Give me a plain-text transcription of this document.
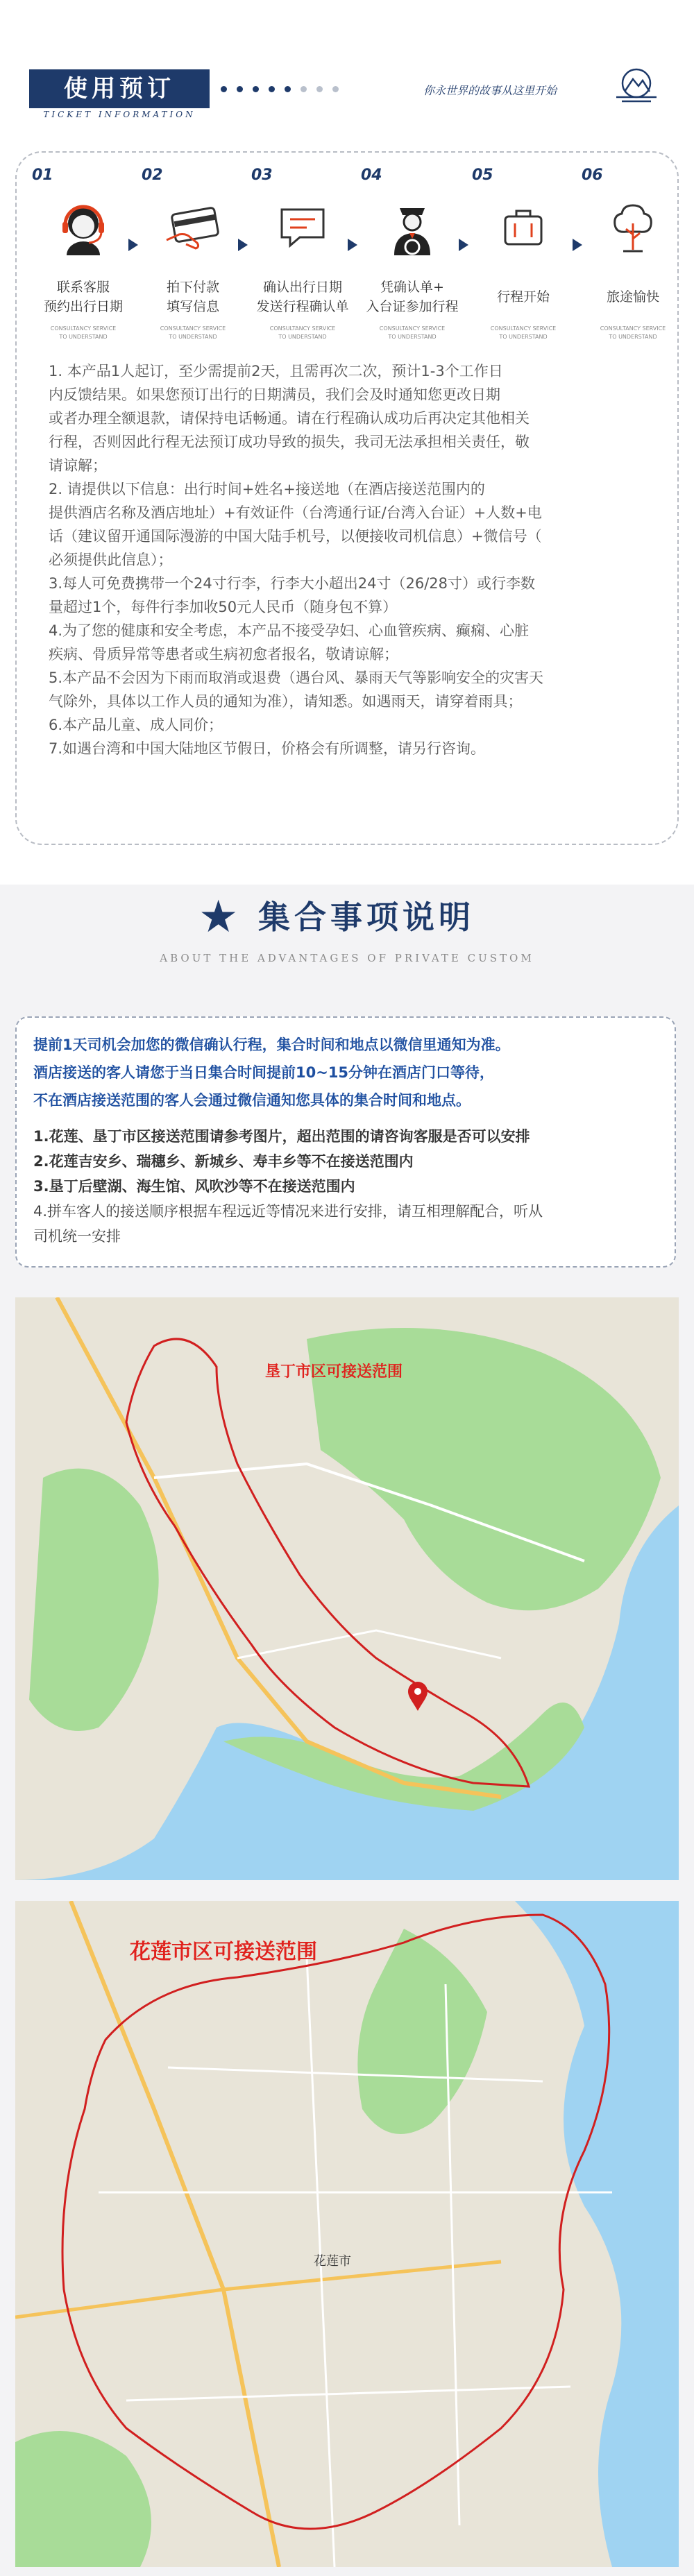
使用预订
TICKET INFORMATION
你永世界的故事从这里开始
01
联系客服
预约出行日期
CONSULTANCY SERVICE
TO UNDERSTAND
02
拍下付款
填写信息
CONSULTANCY SERVICE
TO UNDERSTAND
03
确认出行日期
发送行程确认单
CONSULTANCY SERVICE
TO UNDERSTAND
04
凭确认单+
入台证参加行程
CONSULTANCY SERVICE
TO UNDERSTAND
05
行程开始
CONSULTANCY SERVICE
TO UNDERSTAND
06
旅途愉快
CONSULTANCY SERVICE
TO UNDERSTAND

1. 本产品1人起订，至少需提前2天，且需再次二次，预计1-3个工作日

内反馈结果。如果您预订出行的日期满员，我们会及时通知您更改日期

或者办理全额退款，请保持电话畅通。请在行程确认成功后再决定其他相关

行程，否则因此行程无法预订成功导致的损失，我司无法承担相关责任，敬

请谅解；

2. 请提供以下信息：出行时间+姓名+接送地（在酒店接送范围内的

提供酒店名称及酒店地址）+有效证件（台湾通行证/台湾入台证）+人数+电

话（建议留开通国际漫游的中国大陆手机号，以便接收司机信息）+微信号（

必须提供此信息）；

3.每人可免费携带一个24寸行李，行李大小超出24寸（26/28寸）或行李数

量超过1个，每件行李加收50元人民币（随身包不算）

4.为了您的健康和安全考虑，本产品不接受孕妇、心血管疾病、癫痫、心脏

疾病、骨质异常等患者或生病初愈者报名，敬请谅解；

5.本产品不会因为下雨而取消或退费（遇台风、暴雨天气等影响安全的灾害天

气除外，具体以工作人员的通知为准），请知悉。如遇雨天，请穿着雨具；

6.本产品儿童、成人同价；

7.如遇台湾和中国大陆地区节假日，价格会有所调整，请另行咨询。

★ 集合事项说明
ABOUT THE ADVANTAGES OF PRIVATE CUSTOM
提前1天司机会加您的微信确认行程，集合时间和地点以微信里通知为准。
酒店接送的客人请您于当日集合时间提前10~15分钟在酒店门口等待，
不在酒店接送范围的客人会通过微信通知您具体的集合时间和地点。
1.花莲、垦丁市区接送范围请参考图片，超出范围的请咨询客服是否可以安排
2.花莲吉安乡、瑞穗乡、新城乡、寿丰乡等不在接送范围内
3.垦丁后壁湖、海生馆、风吹沙等不在接送范围内
4.拼车客人的接送顺序根据车程远近等情况来进行安排，请互相理解配合，听从
司机统一安排
垦丁市区可接送范围
花莲市区可接送范围
花莲市
